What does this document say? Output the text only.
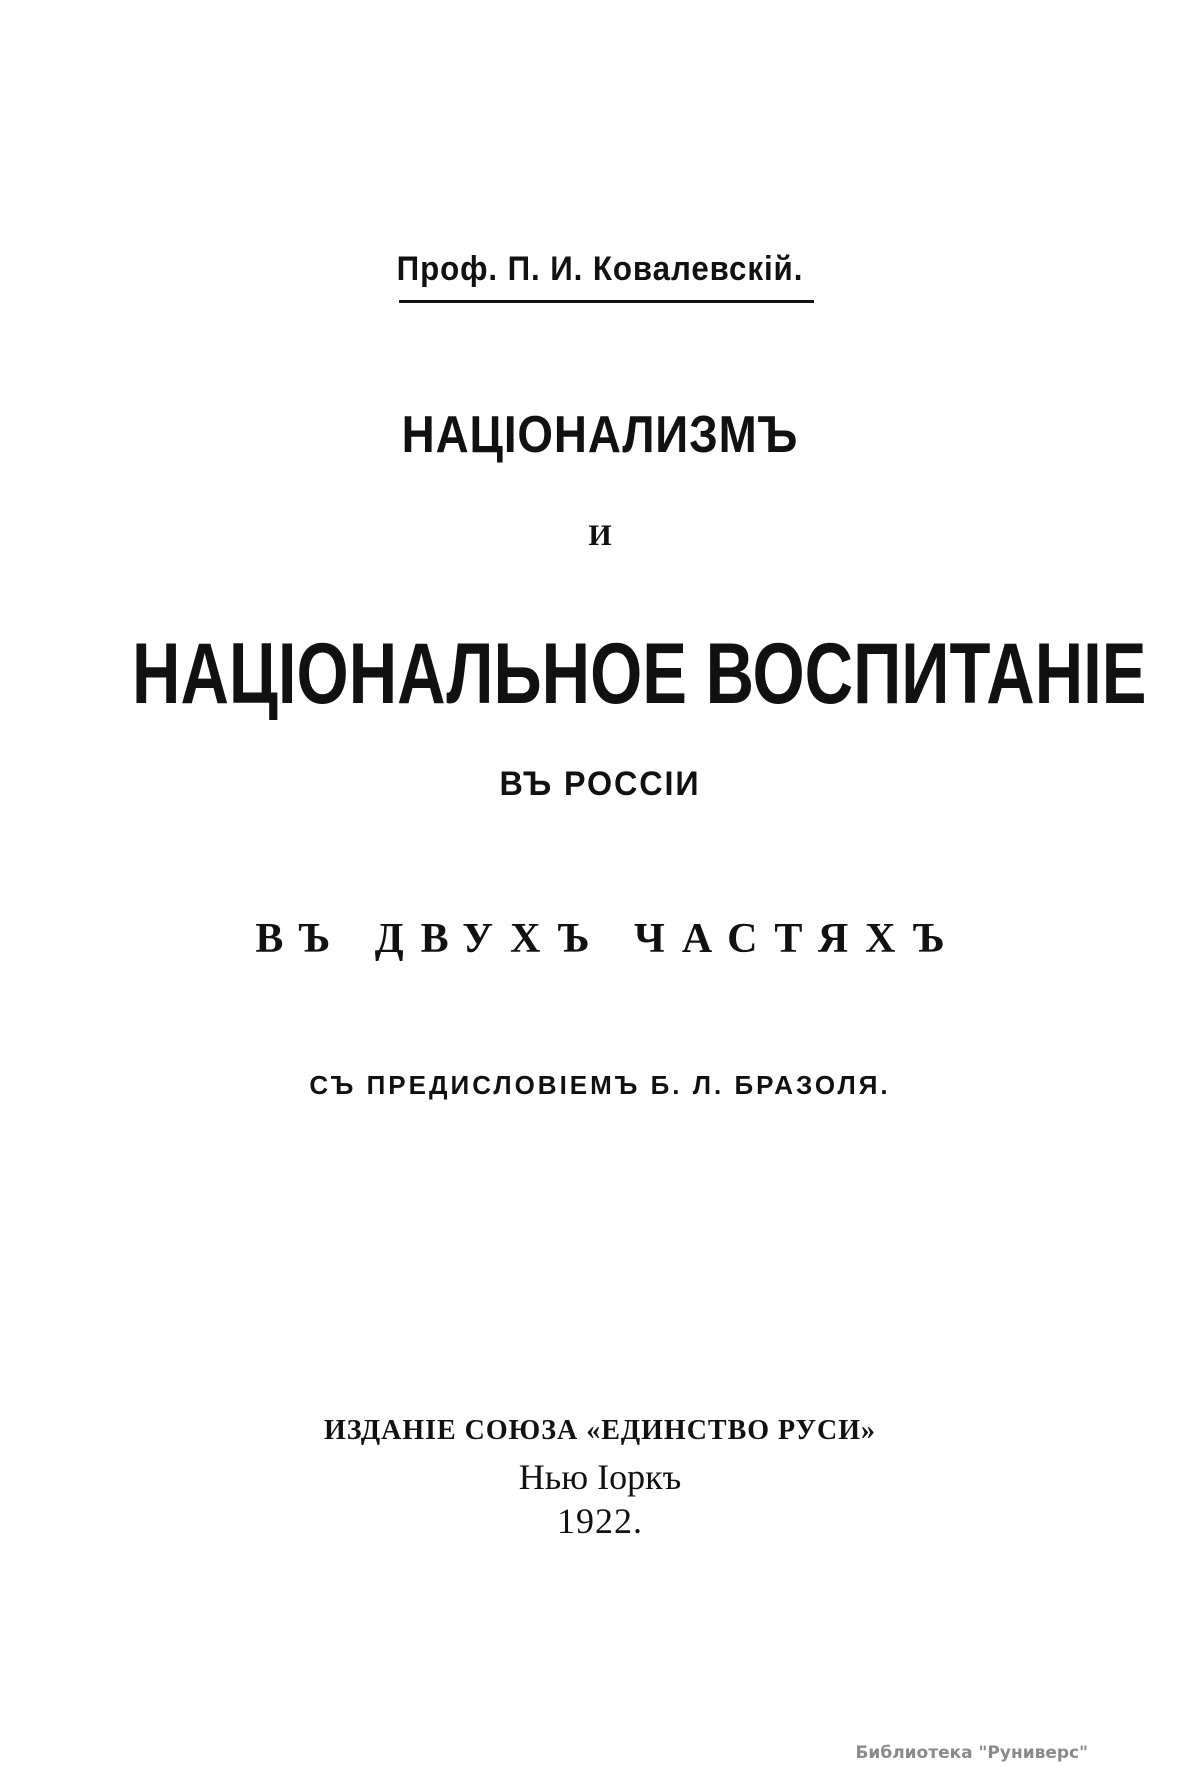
Проф. П. И. Ковалевскій.
НАЦІОНАЛИЗМЪ
И
НАЦІОНАЛЬНОЕ ВОСПИТАНІЕ
ВЪ РОССІИ
ВЪ ДВУХЪ ЧАСТЯХЪ
СЪ ПРЕДИСЛОВІЕМЪ Б. Л. БРАЗОЛЯ.
ИЗДАНІЕ СОЮЗА «ЕДИНСТВО РУСИ»
Нью Іоркъ
1922.
Библиотека "Руниверс"
